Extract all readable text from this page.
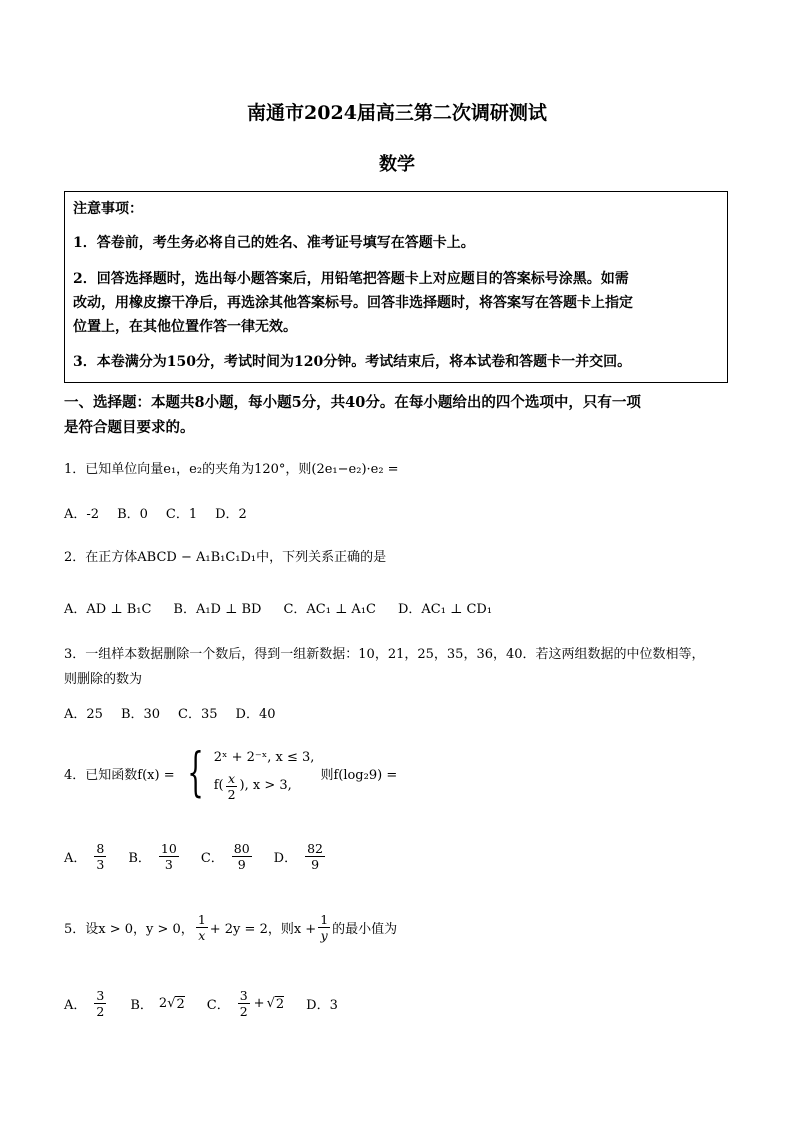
南通市2024届高三第二次调研测试
数学
注意事项：
1．答卷前，考生务必将自己的姓名、准考证号填写在答题卡上。
2．回答选择题时，选出每小题答案后，用铅笔把答题卡上对应题目的答案标号涂黑。如需
改动，用橡皮擦干净后，再选涂其他答案标号。回答非选择题时，将答案写在答题卡上指定
位置上，在其他位置作答一律无效。
3．本卷满分为150分，考试时间为120分钟。考试结束后，将本试卷和答题卡一并交回。
一、选择题：本题共8小题，每小题5分，共40分。在每小题给出的四个选项中，只有一项
是符合题目要求的。
1．已知单位向量e₁，e₂的夹角为120°，则(2e₁−e₂)·e₂ =
A．-2 B．0 C．1 D．2
2．在正方体ABCD − A₁B₁C₁D₁中，下列关系正确的是
A．AD ⊥ B₁C B．A₁D ⊥ BD C．AC₁ ⊥ A₁C D．AC₁ ⊥ CD₁
3．一组样本数据删除一个数后，得到一组新数据：10，21，25，35，36，40．若这两组数据的中位数相等，
则删除的数为
A．25 B．30 C．35 D．40
4．已知函数f(x) = { 2ˣ + 2⁻ˣ, x ≤ 3,
$f( \frac{x}{2}$ ), x > 3,
则f(log₂9) =
A． $\frac{8}{3}$ B． $\frac{10}{3}$ C． $\frac{80}{9}$ D． $\frac{82}{9}$
5．设x > 0，y > 0， $\frac{1}{x} + 2y = 2$，则$x + \frac{1}{y}$ 的最小值为
A． $\frac{3}{2}$ B． 2 √ 2 C． $\frac{3}{2}$ + √ 2 D．3
